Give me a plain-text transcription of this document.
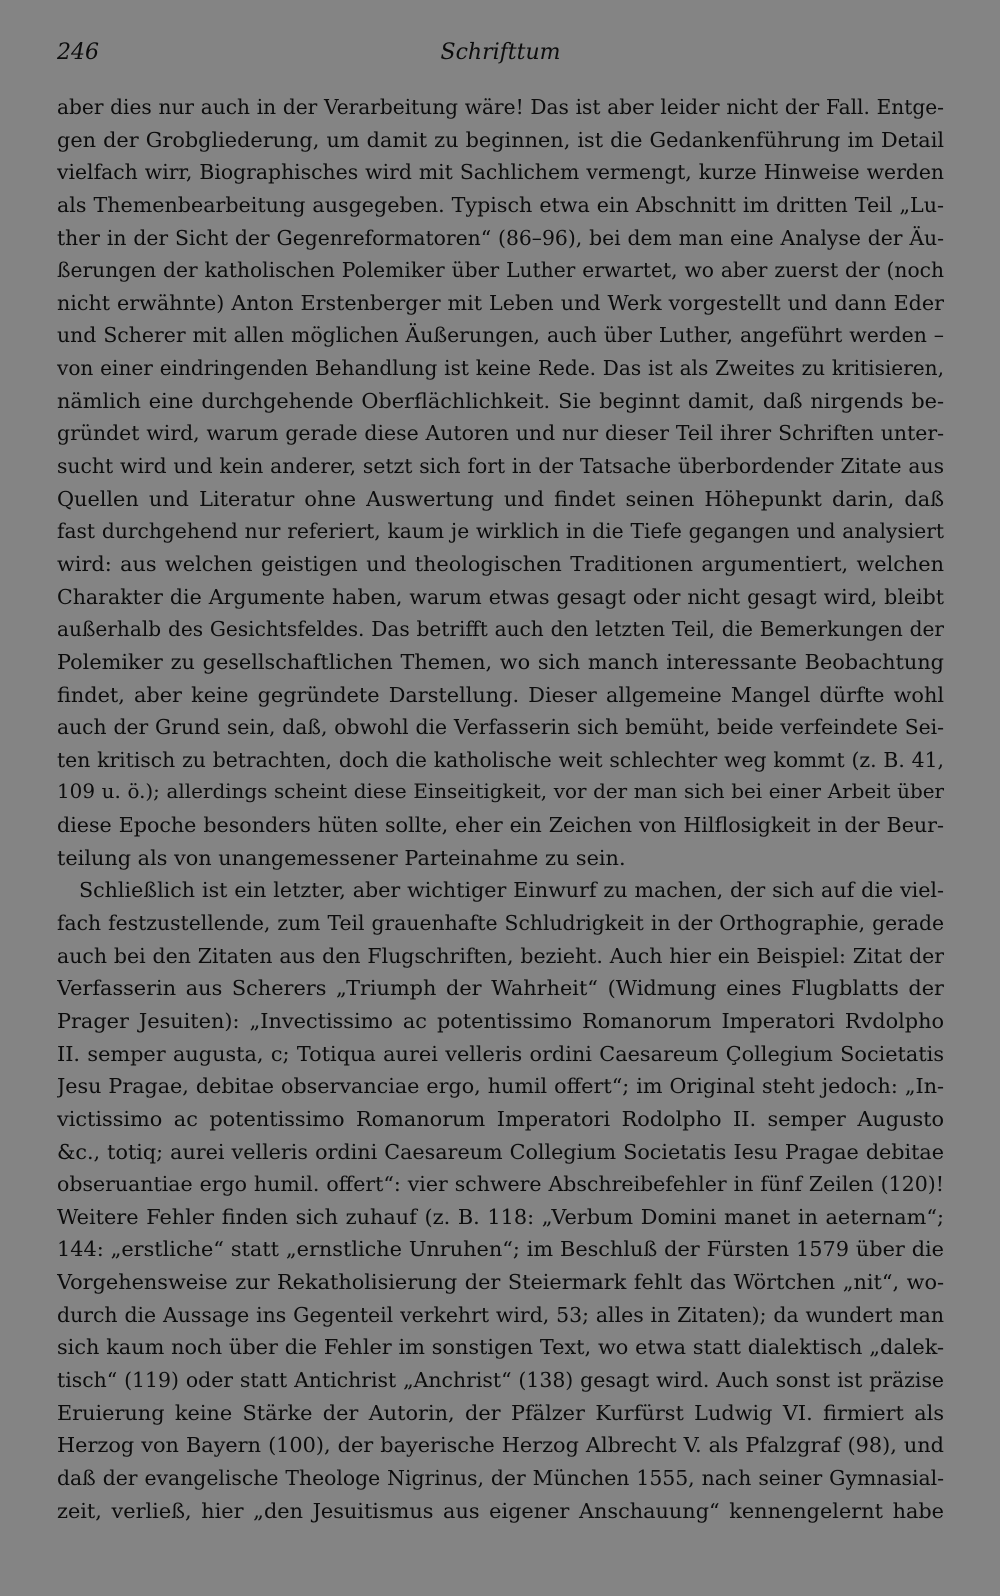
246	Schrifttum
aber dies nur auch in der Verarbeitung wäre! Das ist aber leider nicht der Fall. Entge-
gen der Grobgliederung, um damit zu beginnen, ist die Gedankenführung im Detail
vielfach wirr, Biographisches wird mit Sachlichem vermengt, kurze Hinweise werden
als Themenbearbeitung ausgegeben. Typisch etwa ein Abschnitt im dritten Teil „Lu-
ther in der Sicht der Gegenreformatoren“ (86–96), bei dem man eine Analyse der Äu-
ßerungen der katholischen Polemiker über Luther erwartet, wo aber zuerst der (noch
nicht erwähnte) Anton Erstenberger mit Leben und Werk vorgestellt und dann Eder
und Scherer mit allen möglichen Äußerungen, auch über Luther, angeführt werden –
von einer eindringenden Behandlung ist keine Rede. Das ist als Zweites zu kritisieren,
nämlich eine durchgehende Oberflächlichkeit. Sie beginnt damit, daß nirgends be-
gründet wird, warum gerade diese Autoren und nur dieser Teil ihrer Schriften unter-
sucht wird und kein anderer, setzt sich fort in der Tatsache überbordender Zitate aus
Quellen und Literatur ohne Auswertung und findet seinen Höhepunkt darin, daß
fast durchgehend nur referiert, kaum je wirklich in die Tiefe gegangen und analysiert
wird: aus welchen geistigen und theologischen Traditionen argumentiert, welchen
Charakter die Argumente haben, warum etwas gesagt oder nicht gesagt wird, bleibt
außerhalb des Gesichtsfeldes. Das betrifft auch den letzten Teil, die Bemerkungen der
Polemiker zu gesellschaftlichen Themen, wo sich manch interessante Beobachtung
findet, aber keine gegründete Darstellung. Dieser allgemeine Mangel dürfte wohl
auch der Grund sein, daß, obwohl die Verfasserin sich bemüht, beide verfeindete Sei-
ten kritisch zu betrachten, doch die katholische weit schlechter weg kommt (z. B. 41,
109 u. ö.); allerdings scheint diese Einseitigkeit, vor der man sich bei einer Arbeit über
diese Epoche besonders hüten sollte, eher ein Zeichen von Hilflosigkeit in der Beur-
teilung als von unangemessener Parteinahme zu sein.
Schließlich ist ein letzter, aber wichtiger Einwurf zu machen, der sich auf die viel-
fach festzustellende, zum Teil grauenhafte Schludrigkeit in der Orthographie, gerade
auch bei den Zitaten aus den Flugschriften, bezieht. Auch hier ein Beispiel: Zitat der
Verfasserin aus Scherers „Triumph der Wahrheit“ (Widmung eines Flugblatts der
Prager Jesuiten): „Invectissimo ac potentissimo Romanorum Imperatori Rvdolpho
II. semper augusta, c; Totiqua aurei velleris ordini Caesareum Çollegium Societatis
Jesu Pragae, debitae observanciae ergo, humil offert“; im Original steht jedoch: „In-
victissimo ac potentissimo Romanorum Imperatori Rodolpho II. semper Augusto
&c., totiq; aurei velleris ordini Caesareum Collegium Societatis Iesu Pragae debitae
obseruantiae ergo humil. offert“: vier schwere Abschreibefehler in fünf Zeilen (120)!
Weitere Fehler finden sich zuhauf (z. B. 118: „Verbum Domini manet in aeternam“;
144: „erstliche“ statt „ernstliche Unruhen“; im Beschluß der Fürsten 1579 über die
Vorgehensweise zur Rekatholisierung der Steiermark fehlt das Wörtchen „nit“, wo-
durch die Aussage ins Gegenteil verkehrt wird, 53; alles in Zitaten); da wundert man
sich kaum noch über die Fehler im sonstigen Text, wo etwa statt dialektisch „dalek-
tisch“ (119) oder statt Antichrist „Anchrist“ (138) gesagt wird. Auch sonst ist präzise
Eruierung keine Stärke der Autorin, der Pfälzer Kurfürst Ludwig VI. firmiert als
Herzog von Bayern (100), der bayerische Herzog Albrecht V. als Pfalzgraf (98), und
daß der evangelische Theologe Nigrinus, der München 1555, nach seiner Gymnasial-
zeit, verließ, hier „den Jesuitismus aus eigener Anschauung“ kennengelernt habe
